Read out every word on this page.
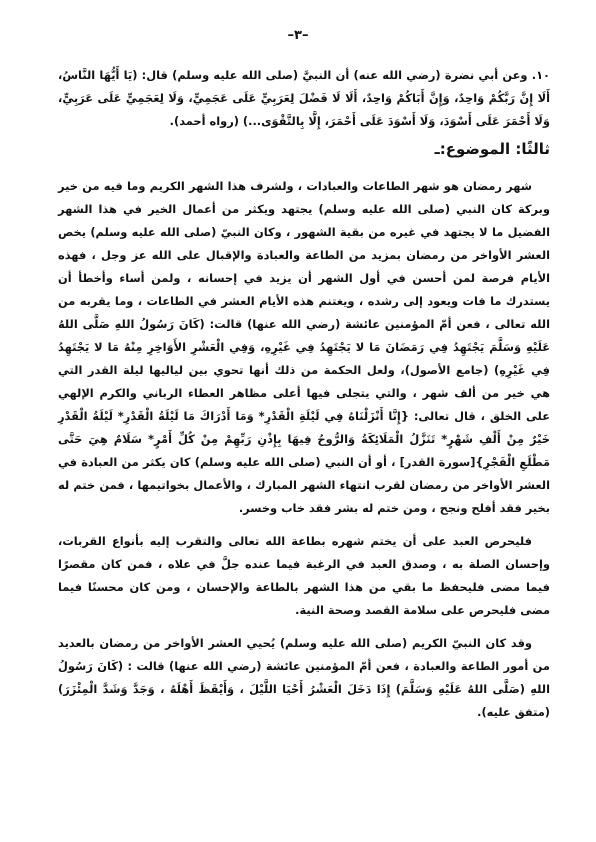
–٣–

١٠. وعن أبي نضرة (رضي الله عنه) أن النبيَّ (صلى الله عليه وسلم) قال: (يَا أَيُّهَا النَّاسُ، أَلَا إِنَّ رَبَّكُمْ وَاحِدٌ، وَإِنَّ أَبَاكُمْ وَاحِدٌ، أَلَا لَا فَضْلَ لِعَرَبِيٍّ عَلَى عَجَمِيٍّ، وَلَا لِعَجَمِيٍّ عَلَى عَرَبِيٍّ، وَلَا أَحْمَرَ عَلَى أَسْوَدَ، وَلَا أَسْوَدَ عَلَى أَحْمَرَ، إِلَّا بِالتَّقْوَى...) (رواه أحمد).

ثالثًا: الموضوع:ـ

شهر رمضان هو شهر الطاعات والعبادات ، ولشرف هذا الشهر الكريم وما فيه من خير وبركة كان النبي (صلى الله عليه وسلم) يجتهد ويكثر من أعمال الخير في هذا الشهر الفضيل ما لا يجتهد في غيره من بقية الشهور ، وكان النبيّ (صلى الله عليه وسلم) يخص العشر الأواخر من رمضان بمزيد من الطاعة والعبادة والإقبال على الله عز وجل ، فهذه الأيام فرصة لمن أحسن في أول الشهر أن يزيد في إحسانه ، ولمن أساء وأخطأ أن يستدرك ما فات ويعود إلى رشده ، ويغتنم هذه الأيام العشر في الطاعات ، وما يقربه من الله تعالى ، فعن أمّ المؤمنين عائشة (رضي الله عنها) قالت: (كَانَ رَسُولُ اللهِ صَلَّى اللهُ عَلَيْهِ وَسَلَّمَ يَجْتَهِدُ فِي رَمَضَانَ مَا لا يَجْتَهِدُ فِي غَيْرِهِ، وَفِي الْعَشْرِ الأَوَاخِرِ مِنْهُ مَا لا يَجْتَهِدُ فِي غَيْرِهِ) (جامع الأصول)، ولعل الحكمة من ذلك أنها تحوي بين لياليها ليلة القدر التي هي خير من ألف شهر ، والتي يتجلى فيها أعلى مظاهر العطاء الرباني والكرم الإلهي على الخلق ، قال تعالى: {إِنَّا أَنْزَلْنَاهُ فِي لَيْلَةِ الْقَدْرِ* وَمَا أَدْرَاكَ مَا لَيْلَةُ الْقَدْرِ* لَيْلَةُ الْقَدْرِ خَيْرٌ مِنْ أَلْفِ شَهْرٍ* تَنَزَّلُ الْمَلَائِكَةُ وَالرُّوحُ فِيهَا بِإِذْنِ رَبِّهِمْ مِنْ كُلِّ أَمْرٍ* سَلَامٌ هِيَ حَتَّى مَطْلَعِ الْفَجْرِ}[سورة القدر] ، أو أن النبي (صلى الله عليه وسلم) كان يكثر من العبادة في العشر الأواخر من رمضان لقرب انتهاء الشهر المبارك ، والأعمال بخواتيمها ، فمن ختم له بخير فقد أفلح ونجح ، ومن ختم له بشر فقد خاب وخسر.

فليحرص العبد على أن يختم شهره بطاعة الله تعالى والتقرب إليه بأنواع القربات، وإحسان الصلة به ، وصدق العبد في الرغبة فيما عنده جلَّ في علاه ، فمن كان مقصرًا فيما مضى فليحفظ ما بقي من هذا الشهر بالطاعة والإحسان ، ومن كان محسنًا فيما مضى فليحرص على سلامة القصد وصحة النية.

وقد كان النبيّ الكريم (صلى الله عليه وسلم) يُحيي العشر الأواخر من رمضان بالعديد من أمور الطاعة والعبادة ، فعن أمّ المؤمنين عائشة (رضي الله عنها) قالت : (كَانَ رَسُولُ اللهِ (صَلَّى اللهُ عَلَيْهِ وَسَلَّمَ) إِذَا دَخَلَ الْعَشْرُ أَحْيَا اللَّيْلَ ، وَأَيْقَظَ أَهْلَهُ ، وَجَدَّ وَشَدَّ الْمِئْزَرَ) (متفق عليه).
